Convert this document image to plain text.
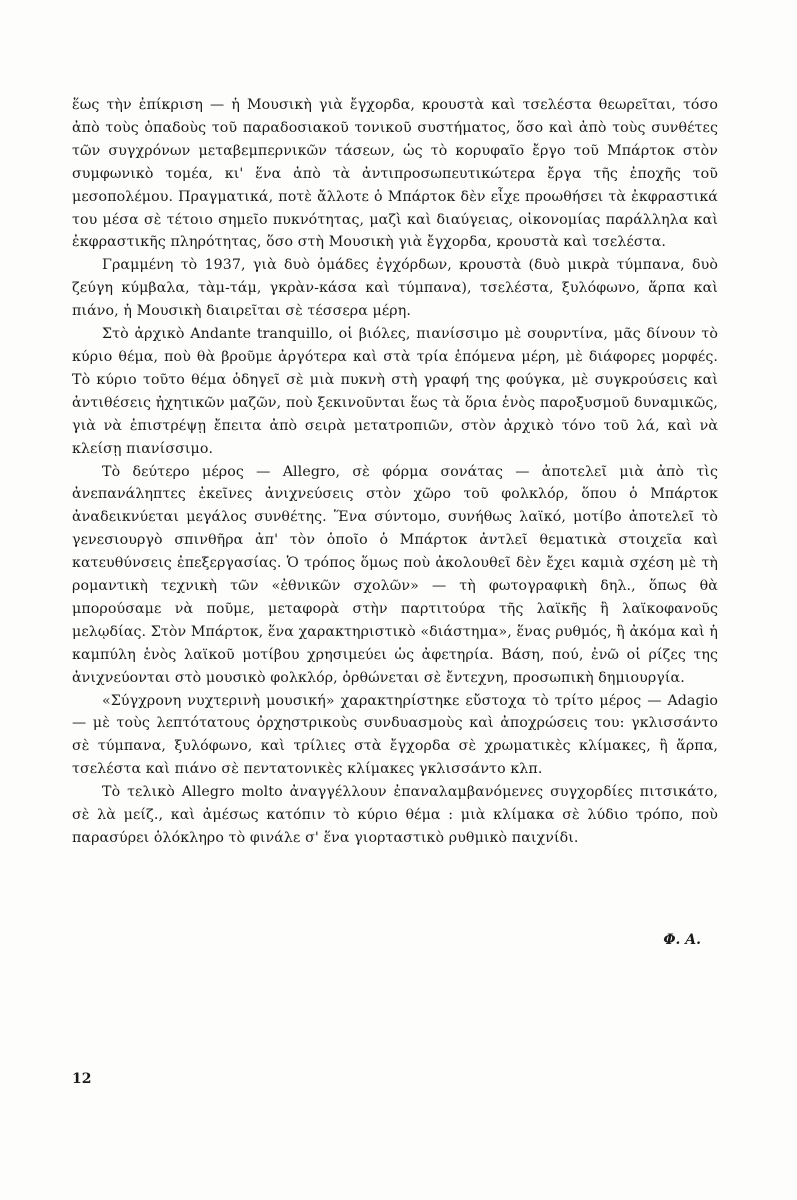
ἕως τὴν ἐπίκριση — ἡ Μουσικὴ γιὰ ἔγχορδα, κρουστὰ καὶ τσελέστα θεωρεῖται, τόσο ἀπὸ τοὺς ὀπαδοὺς τοῦ παραδοσιακοῦ τονικοῦ συστήματος, ὅσο καὶ ἀπὸ τοὺς συνθέτες τῶν συγχρόνων μεταβεμπερνικῶν τάσεων, ὡς τὸ κορυφαῖο ἔργο τοῦ Μπάρτοκ στὸν συμφωνικὸ τομέα, κι' ἕνα ἀπὸ τὰ ἀντιπροσωπευτικώτερα ἔργα τῆς ἐποχῆς τοῦ μεσοπολέμου. Πραγματικά, ποτὲ ἄλλοτε ὁ Μπάρτοκ δὲν εἶχε προωθήσει τὰ ἐκφραστικά του μέσα σὲ τέτοιο σημεῖο πυκνότητας, μαζὶ καὶ διαύγειας, οἰκονομίας παράλληλα καὶ ἐκφραστικῆς πληρότητας, ὅσο στὴ Μουσικὴ γιὰ ἔγχορδα, κρουστὰ καὶ τσελέστα.

Γραμμένη τὸ 1937, γιὰ δυὸ ὁμάδες ἐγχόρδων, κρουστὰ (δυὸ μικρὰ τύμπανα, δυὸ ζεύγη κύμβαλα, τὰμ-τάμ, γκρὰν-κάσα καὶ τύμπανα), τσελέστα, ξυλόφωνο, ἅρπα καὶ πιάνο, ἡ Μουσικὴ διαιρεῖται σὲ τέσσερα μέρη.

Στὸ ἀρχικὸ Andante tranquillo, οἱ βιόλες, πιανίσσιμο μὲ σουρντίνα, μᾶς δίνουν τὸ κύριο θέμα, ποὺ θὰ βροῦμε ἀργότερα καὶ στὰ τρία ἑπόμενα μέρη, μὲ διάφορες μορφές. Τὸ κύριο τοῦτο θέμα ὁδηγεῖ σὲ μιὰ πυκνὴ στὴ γραφή της φούγκα, μὲ συγκρούσεις καὶ ἀντιθέσεις ἠχητικῶν μαζῶν, ποὺ ξεκινοῦνται ἕως τὰ ὅρια ἑνὸς παροξυσμοῦ δυναμικῶς, γιὰ νὰ ἐπιστρέψῃ ἔπειτα ἀπὸ σειρὰ μετατροπιῶν, στὸν ἀρχικὸ τόνο τοῦ λά, καὶ νὰ κλείσῃ πιανίσσιμο.

Τὸ δεύτερο μέρος — Allegro, σὲ φόρμα σονάτας — ἀποτελεῖ μιὰ ἀπὸ τὶς ἀνεπανάληπτες ἐκεῖνες ἀνιχνεύσεις στὸν χῶρο τοῦ φολκλόρ, ὅπου ὁ Μπάρτοκ ἀναδεικνύεται μεγάλος συνθέτης. Ἕνα σύντομο, συνήθως λαϊκό, μοτίβο ἀποτελεῖ τὸ γενεσιουργὸ σπινθῆρα ἀπ' τὸν ὁποῖο ὁ Μπάρτοκ ἀντλεῖ θεματικὰ στοιχεῖα καὶ κατευθύνσεις ἐπεξεργασίας. Ὁ τρόπος ὅμως ποὺ ἀκολουθεῖ δὲν ἔχει καμιὰ σχέση μὲ τὴ ρομαντικὴ τεχνικὴ τῶν «ἐθνικῶν σχολῶν» — τὴ φωτογραφικὴ δηλ., ὅπως θὰ μπορούσαμε νὰ ποῦμε, μεταφορὰ στὴν παρτιτούρα τῆς λαϊκῆς ἢ λαϊκοφανοῦς μελῳδίας. Στὸν Μπάρτοκ, ἕνα χαρακτηριστικὸ «διάστημα», ἕνας ρυθμός, ἢ ἀκόμα καὶ ἡ καμπύλη ἑνὸς λαϊκοῦ μοτίβου χρησιμεύει ὡς ἀφετηρία. Βάση, πού, ἐνῶ οἱ ρίζες της ἀνιχνεύονται στὸ μουσικὸ φολκλόρ, ὀρθώνεται σὲ ἔντεχνη, προσωπικὴ δημιουργία.

«Σύγχρονη νυχτερινὴ μουσική» χαρακτηρίστηκε εὔστοχα τὸ τρίτο μέρος — Adagio — μὲ τοὺς λεπτότατους ὀρχηστρικοὺς συνδυασμοὺς καὶ ἀποχρώσεις του: γκλισσάντο σὲ τύμπανα, ξυλόφωνο, καὶ τρίλιες στὰ ἔγχορδα σὲ χρωματικὲς κλίμακες, ἢ ἅρπα, τσελέστα καὶ πιάνο σὲ πεντατονικὲς κλίμακες γκλισσάντο κλπ.

Τὸ τελικὸ Allegro molto ἀναγγέλλουν ἐπαναλαμβανόμενες συγχορδίες πιτσικάτο, σὲ λὰ μείζ., καὶ ἀμέσως κατόπιν τὸ κύριο θέμα : μιὰ κλίμακα σὲ λύδιο τρόπο, ποὺ παρασύρει ὁλόκληρο τὸ φινάλε σ' ἕνα γιορταστικὸ ρυθμικὸ παιχνίδι.

Φ. Α.
12
